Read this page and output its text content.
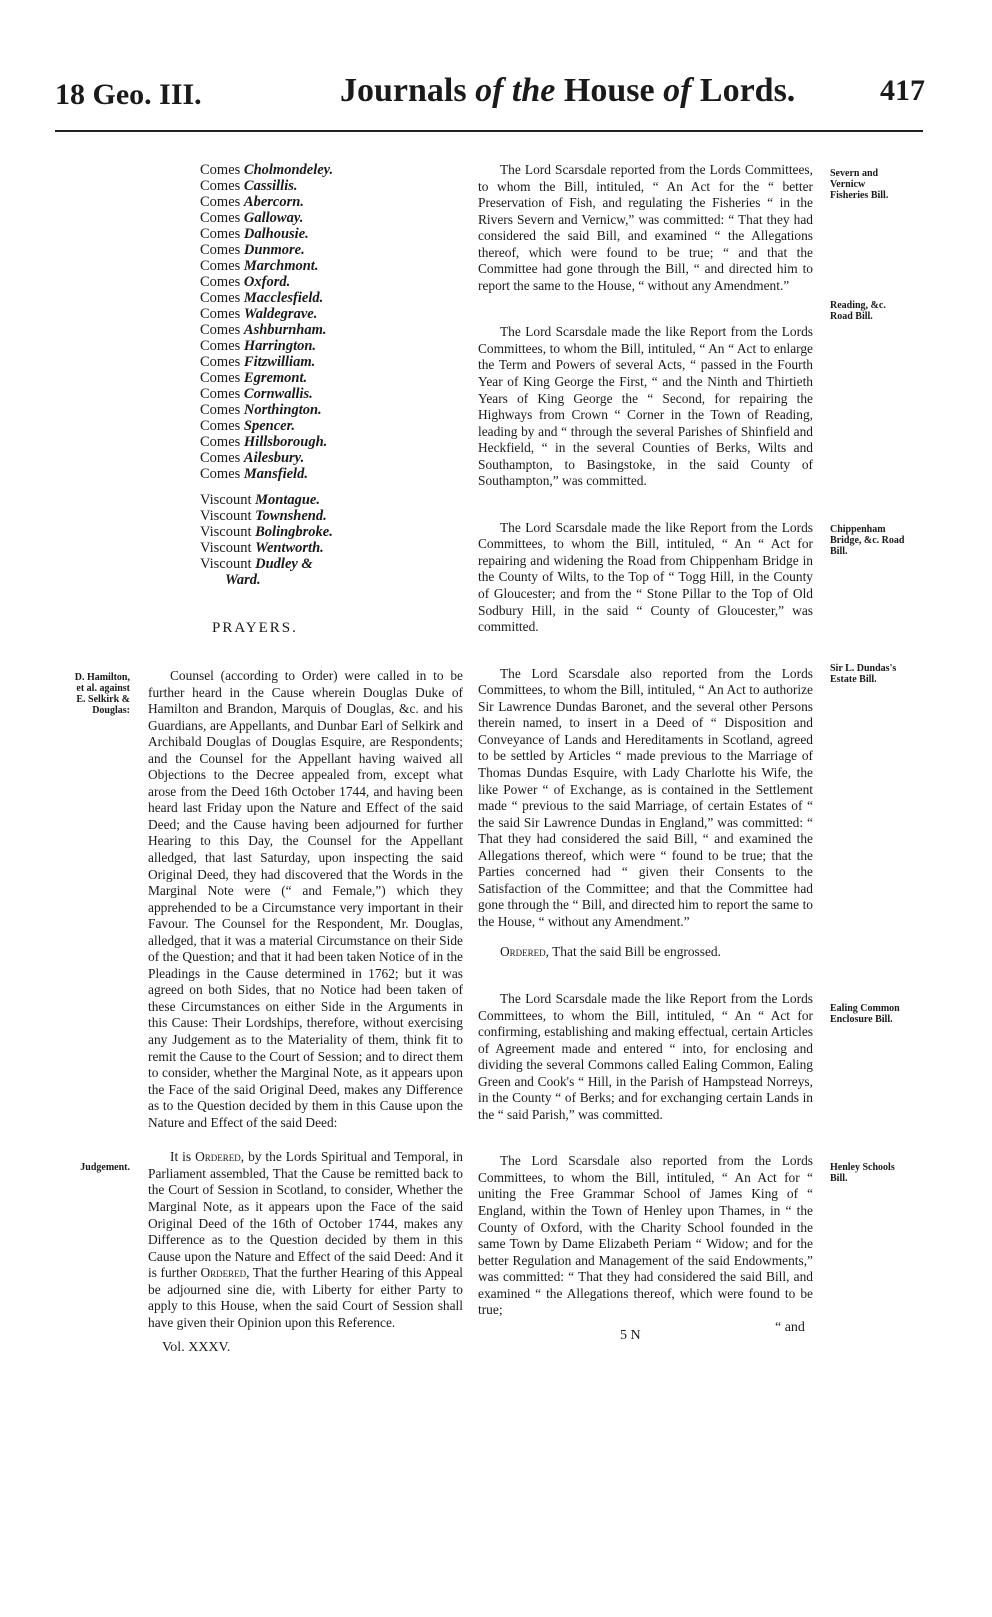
18 Geo. III.	Journals of the House of Lords.	417
Comes Cholmondeley.
Comes Cassillis.
Comes Abercorn.
Comes Galloway.
Comes Dalhousie.
Comes Dunmore.
Comes Marchmont.
Comes Oxford.
Comes Macclesfield.
Comes Waldegrave.
Comes Ashburnham.
Comes Harrington.
Comes Fitzwilliam.
Comes Egremont.
Comes Cornwallis.
Comes Northington.
Comes Spencer.
Comes Hillsborough.
Comes Ailesbury.
Comes Mansfield.
Viscount Montague.
Viscount Townshend.
Viscount Bolingbroke.
Viscount Wentworth.
Viscount Dudley &
Ward.
PRAYERS.
D. Hamilton, et al. against E. Selkirk & Douglas:
Judgement.
Severn and Vernicw Fisheries Bill.
Reading, &c. Road Bill.
Chippenham Bridge, &c. Road Bill.
Sir L. Dundas's Estate Bill.
Ealing Common Enclosure Bill.
Henley Schools Bill.

Counsel (according to Order) were called in to be further heard in the Cause wherein Douglas Duke of Hamilton and Brandon, Marquis of Douglas, &c. and his Guardians, are Appellants, and Dunbar Earl of Selkirk and Archibald Douglas of Douglas Esquire, are Respondents; and the Counsel for the Appellant having waived all Objections to the Decree appealed from, except what arose from the Deed 16th October 1744, and having been heard last Friday upon the Nature and Effect of the said Deed; and the Cause having been adjourned for further Hearing to this Day, the Counsel for the Appellant alledged, that last Saturday, upon inspecting the said Original Deed, they had discovered that the Words in the Marginal Note were (“ and Female,”) which they apprehended to be a Circumstance very important in their Favour. The Counsel for the Respondent, Mr. Douglas, alledged, that it was a material Circumstance on their Side of the Question; and that it had been taken Notice of in the Pleadings in the Cause determined in 1762; but it was agreed on both Sides, that no Notice had been taken of these Circumstances on either Side in the Arguments in this Cause: Their Lordships, therefore, without exercising any Judgement as to the Materiality of them, think fit to remit the Cause to the Court of Session; and to direct them to consider, whether the Marginal Note, as it appears upon the Face of the said Original Deed, makes any Difference as to the Question decided by them in this Cause upon the Nature and Effect of the said Deed:

It is Ordered, by the Lords Spiritual and Temporal, in Parliament assembled, That the Cause be remitted back to the Court of Session in Scotland, to consider, Whether the Marginal Note, as it appears upon the Face of the said Original Deed of the 16th of October 1744, makes any Difference as to the Question decided by them in this Cause upon the Nature and Effect of the said Deed: And it is further Ordered, That the further Hearing of this Appeal be adjourned sine die, with Liberty for either Party to apply to this House, when the said Court of Session shall have given their Opinion upon this Reference.

The Lord Scarsdale reported from the Lords Committees, to whom the Bill, intituled, “ An Act for the “ better Preservation of Fish, and regulating the Fisheries “ in the Rivers Severn and Vernicw,” was committed: “ That they had considered the said Bill, and examined “ the Allegations thereof, which were found to be true; “ and that the Committee had gone through the Bill, “ and directed him to report the same to the House, “ without any Amendment.”

The Lord Scarsdale made the like Report from the Lords Committees, to whom the Bill, intituled, “ An “ Act to enlarge the Term and Powers of several Acts, “ passed in the Fourth Year of King George the First, “ and the Ninth and Thirtieth Years of King George the “ Second, for repairing the Highways from Crown “ Corner in the Town of Reading, leading by and “ through the several Parishes of Shinfield and Heckfield, “ in the several Counties of Berks, Wilts and Southampton, to Basingstoke, in the said County of Southampton,” was committed.

The Lord Scarsdale made the like Report from the Lords Committees, to whom the Bill, intituled, “ An “ Act for repairing and widening the Road from Chippenham Bridge in the County of Wilts, to the Top of “ Togg Hill, in the County of Gloucester; and from the “ Stone Pillar to the Top of Old Sodbury Hill, in the said “ County of Gloucester,” was committed.

The Lord Scarsdale also reported from the Lords Committees, to whom the Bill, intituled, “ An Act to authorize Sir Lawrence Dundas Baronet, and the several other Persons therein named, to insert in a Deed of “ Disposition and Conveyance of Lands and Hereditaments in Scotland, agreed to be settled by Articles “ made previous to the Marriage of Thomas Dundas Esquire, with Lady Charlotte his Wife, the like Power “ of Exchange, as is contained in the Settlement made “ previous to the said Marriage, of certain Estates of “ the said Sir Lawrence Dundas in England,” was committed: “ That they had considered the said Bill, “ and examined the Allegations thereof, which were “ found to be true; that the Parties concerned had “ given their Consents to the Satisfaction of the Committee; and that the Committee had gone through the “ Bill, and directed him to report the same to the House, “ without any Amendment.”

Ordered, That the said Bill be engrossed.

The Lord Scarsdale made the like Report from the Lords Committees, to whom the Bill, intituled, “ An “ Act for confirming, establishing and making effectual, certain Articles of Agreement made and entered “ into, for enclosing and dividing the several Commons called Ealing Common, Ealing Green and Cook's “ Hill, in the Parish of Hampstead Norreys, in the County “ of Berks; and for exchanging certain Lands in the “ said Parish,” was committed.

The Lord Scarsdale also reported from the Lords Committees, to whom the Bill, intituled, “ An Act for “ uniting the Free Grammar School of James King of “ England, within the Town of Henley upon Thames, in “ the County of Oxford, with the Charity School founded in the same Town by Dame Elizabeth Periam “ Widow; and for the better Regulation and Management of the said Endowments,” was committed: “ That they had considered the said Bill, and examined “ the Allegations thereof, which were found to be true;

Vol. XXXV.
5 N
“ and
